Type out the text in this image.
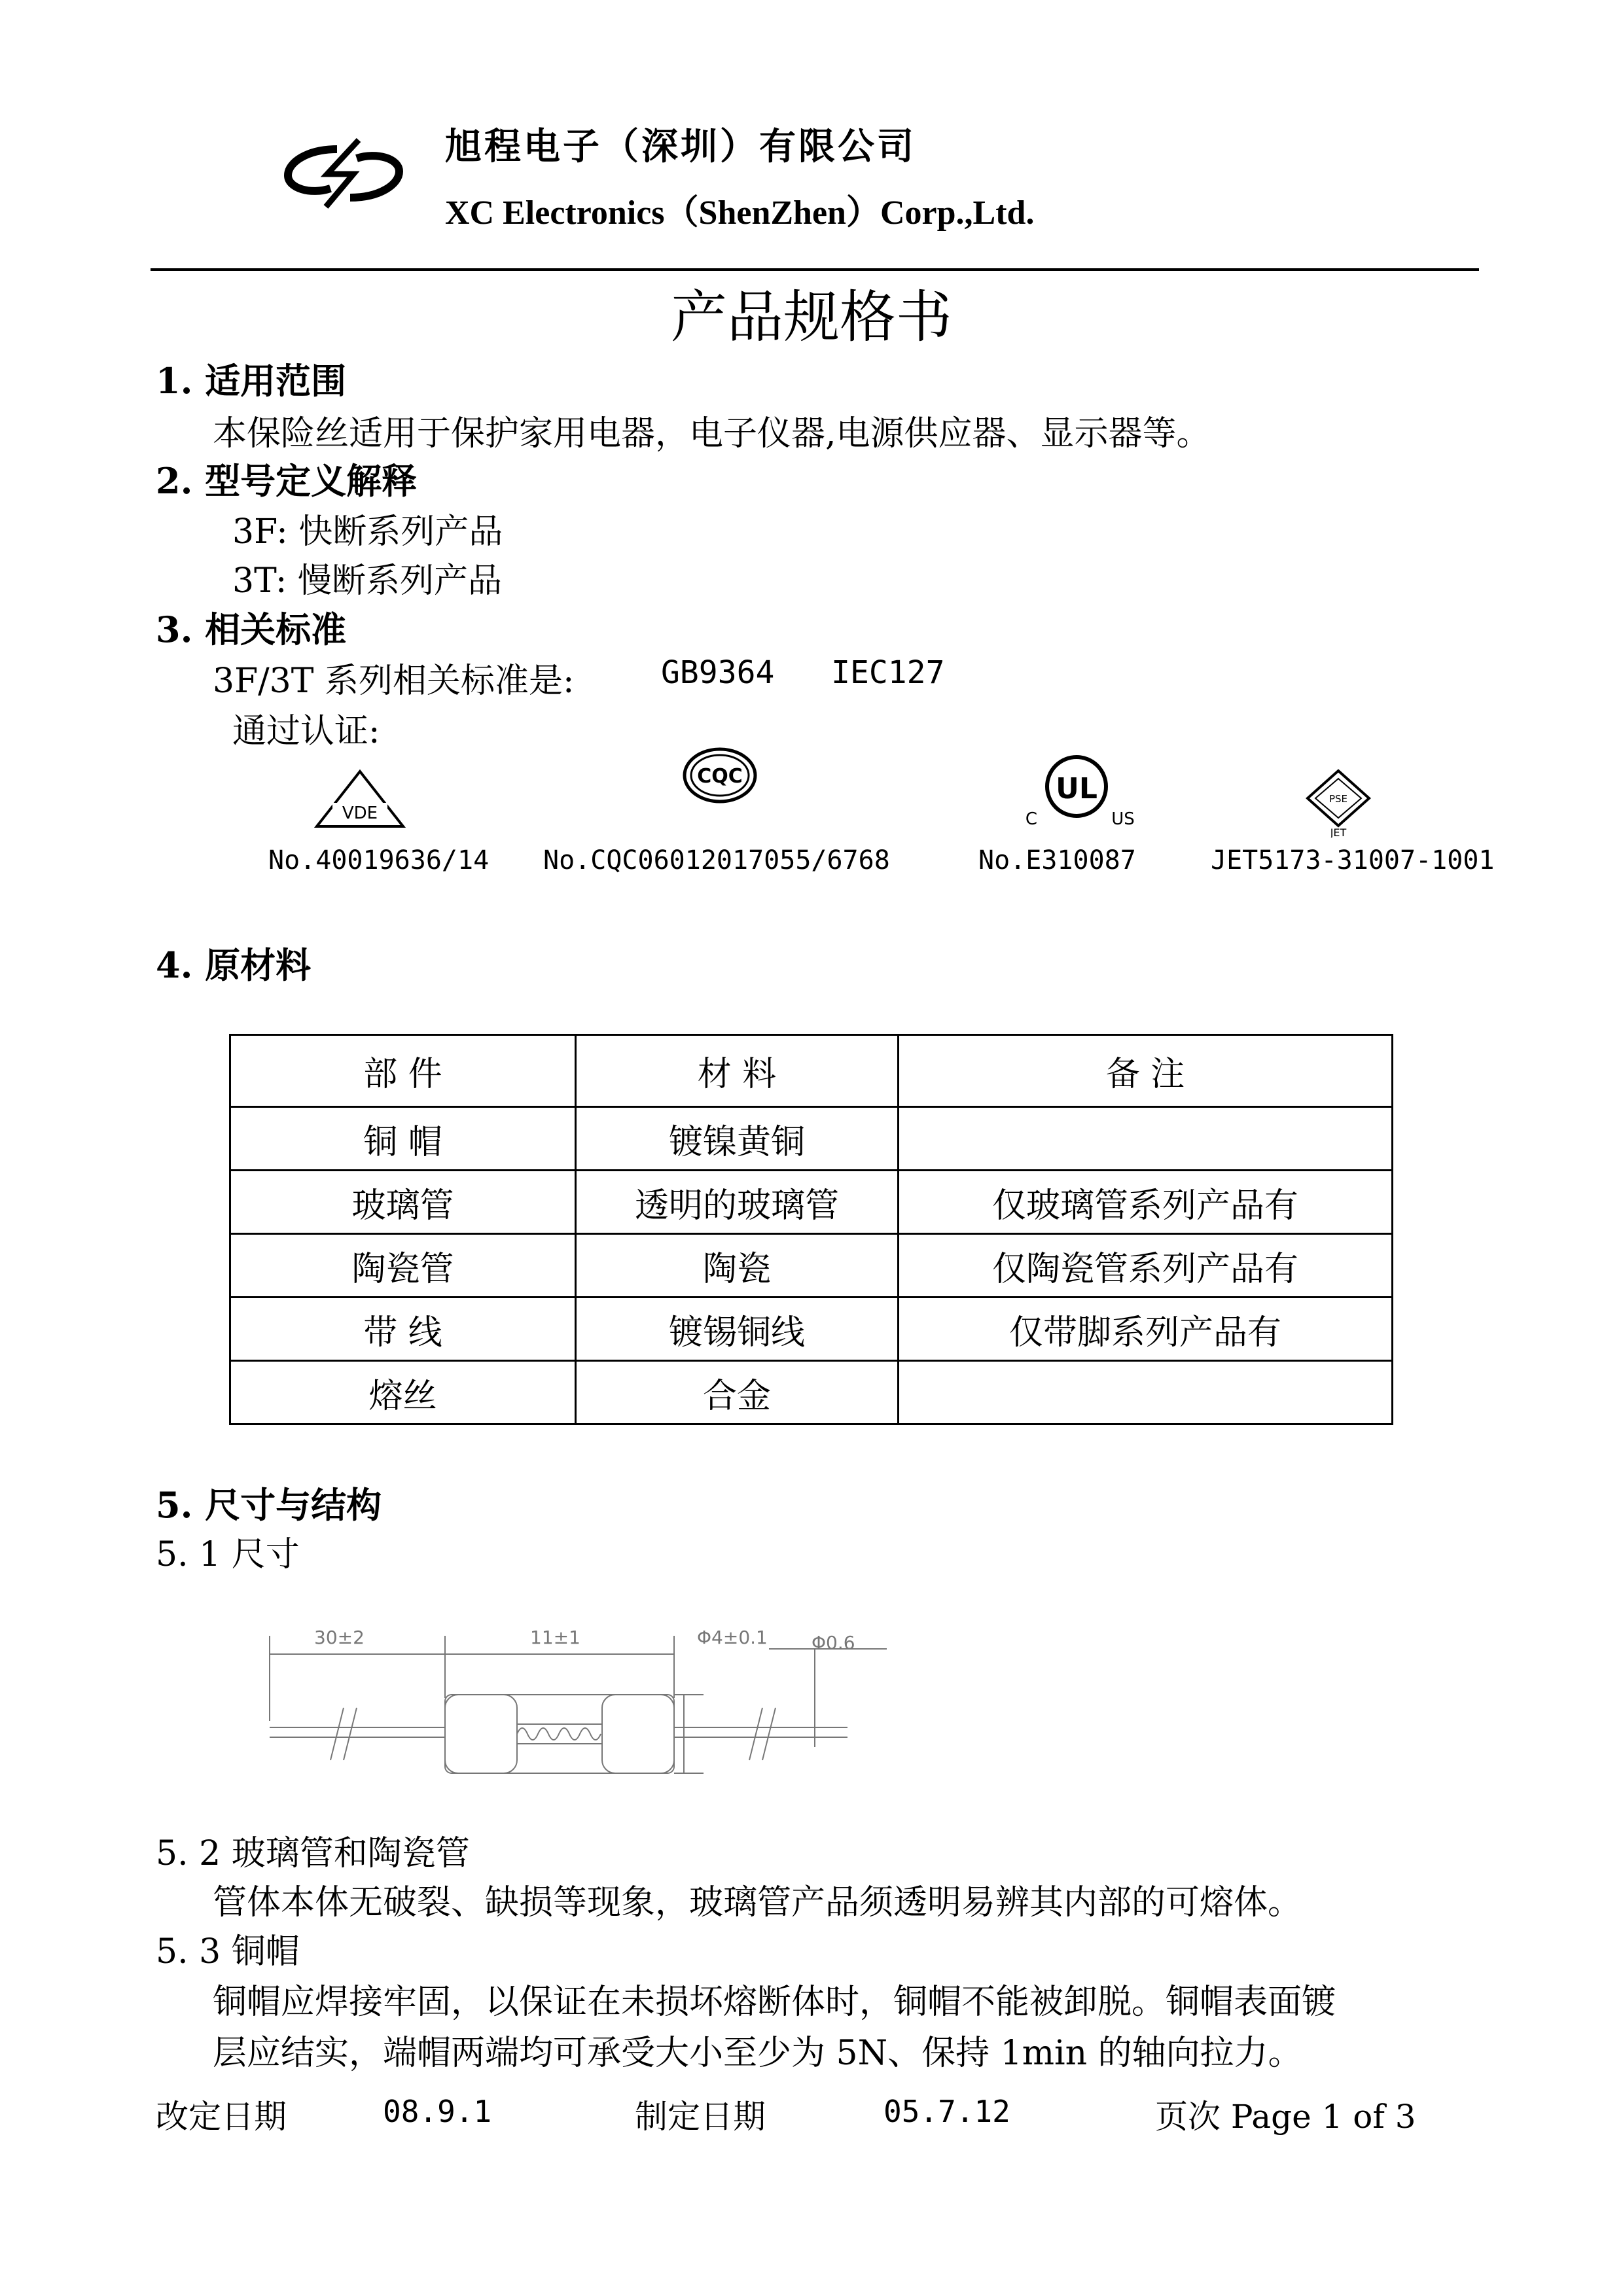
旭程电子（深圳）有限公司
XC Electronics（ShenZhen）Corp.,Ltd.
产品规格书
1. 适用范围
本保险丝适用于保护家用电器，电子仪器,电源供应器、显示器等。
2. 型号定义解释
3F: 快断系列产品
3T: 慢断系列产品
3. 相关标准
3F/3T 系列相关标准是:	GB9364   IEC127
通过认证:
VDE
CQC	UL
C	US
PSE
JET
No.40019636/14 No.CQC06012017055/6768	No.E310087	JET5173-31007-1001
4. 原材料
部 件	材 料	备 注
铜 帽	镀镍黄铜	
玻璃管	透明的玻璃管	仅玻璃管系列产品有
陶瓷管	陶瓷	仅陶瓷管系列产品有
带 线	镀锡铜线	仅带脚系列产品有
熔丝	合金	
5. 尺寸与结构
5. 1 尺寸
30±2	11±1	Φ4±0.1 Φ0.6
5. 2 玻璃管和陶瓷管
管体本体无破裂、缺损等现象，玻璃管产品须透明易辨其内部的可熔体。
5. 3 铜帽
铜帽应焊接牢固，以保证在未损坏熔断体时，铜帽不能被卸脱。铜帽表面镀
层应结实，端帽两端均可承受大小至少为 5N、保持 1min 的轴向拉力。
改定日期	08.9.1	制定日期	05.7.12	页次 Page 1 of 3
